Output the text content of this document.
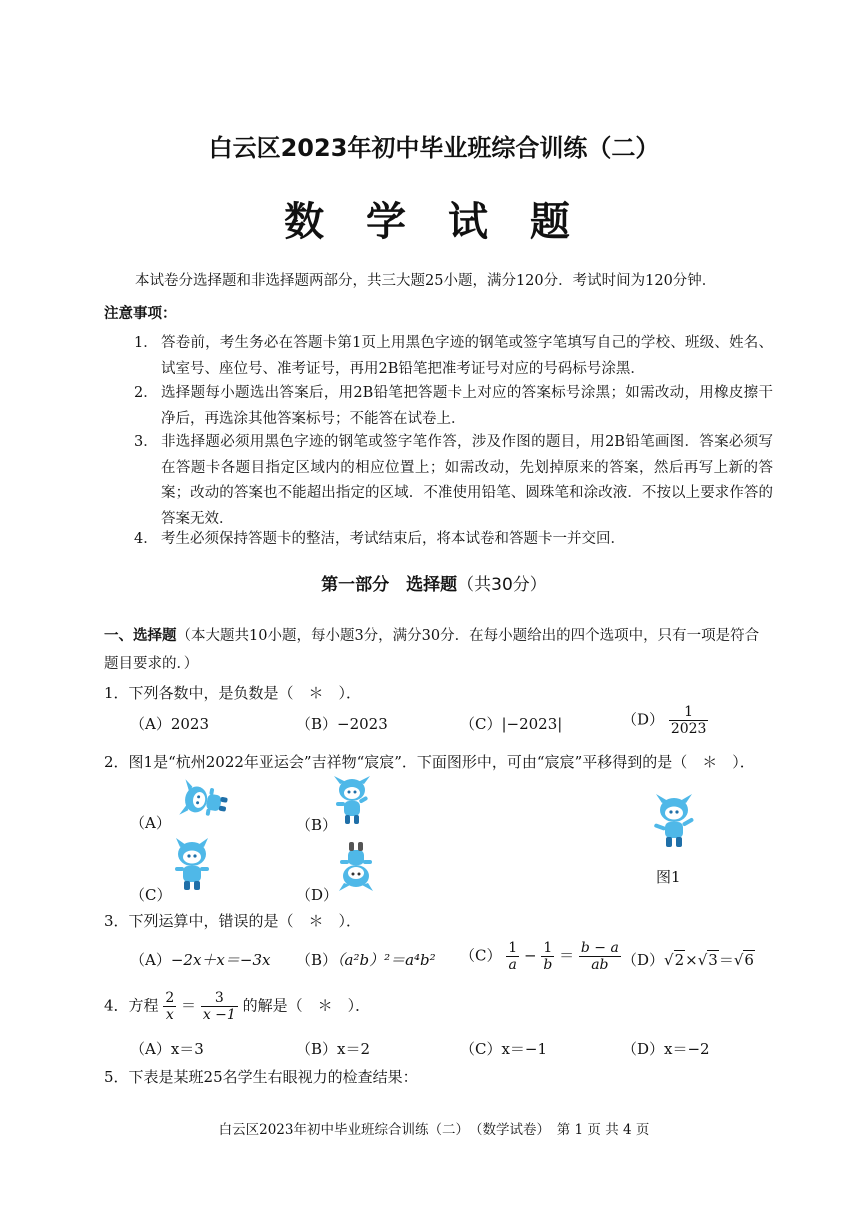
白云区2023年初中毕业班综合训练（二）
数 学 试 题
本试卷分选择题和非选择题两部分，共三大题25小题，满分120分．考试时间为120分钟．
注意事项：
1． 答卷前，考生务必在答题卡第1页上用黑色字迹的钢笔或签字笔填写自己的学校、班级、姓名、试室号、座位号、准考证号，再用2B铅笔把准考证号对应的号码标号涂黑．
2． 选择题每小题选出答案后，用2B铅笔把答题卡上对应的答案标号涂黑；如需改动，用橡皮擦干净后，再选涂其他答案标号；不能答在试卷上．
3． 非选择题必须用黑色字迹的钢笔或签字笔作答，涉及作图的题目，用2B铅笔画图．答案必须写在答题卡各题目指定区域内的相应位置上；如需改动，先划掉原来的答案，然后再写上新的答案；改动的答案也不能超出指定的区域．不准使用铅笔、圆珠笔和涂改液．不按以上要求作答的答案无效．
4． 考生必须保持答题卡的整洁，考试结束后，将本试卷和答题卡一并交回．
第一部分　选择题（共30分）
一、选择题（本大题共10小题，每小题3分，满分30分．在每小题给出的四个选项中，只有一项是符合题目要求的．）
1．下列各数中，是负数是（　＊　）．
（A）2023	（B）−2023	（C）|−2023|	$(D) \frac{1}{2023}$
2．图1是“杭州2022年亚运会”吉祥物“宸宸”．下面图形中，可由“宸宸”平移得到的是（　＊　）．
（A）	（B）
（C）	（D）
图1
3．下列运算中，错误的是（　＊　）．
（A）−2x＋x＝−3x （B）（a²b）²＝a⁴b² $(C) \frac{1}{a} - \frac{1}{b} = \frac{b - a}{ab} (D)√2\times√3=√6$
4．方程 $\frac{2}{x} = \frac{3}{x -1}$ 的解是（　＊　）．
（A）x＝3	（B）x＝2	（C）x＝−1	（D）x＝−2
5．下表是某班25名学生右眼视力的检查结果：
白云区2023年初中毕业班综合训练（二）　（数学试卷）　第 1 页 共 4 页
